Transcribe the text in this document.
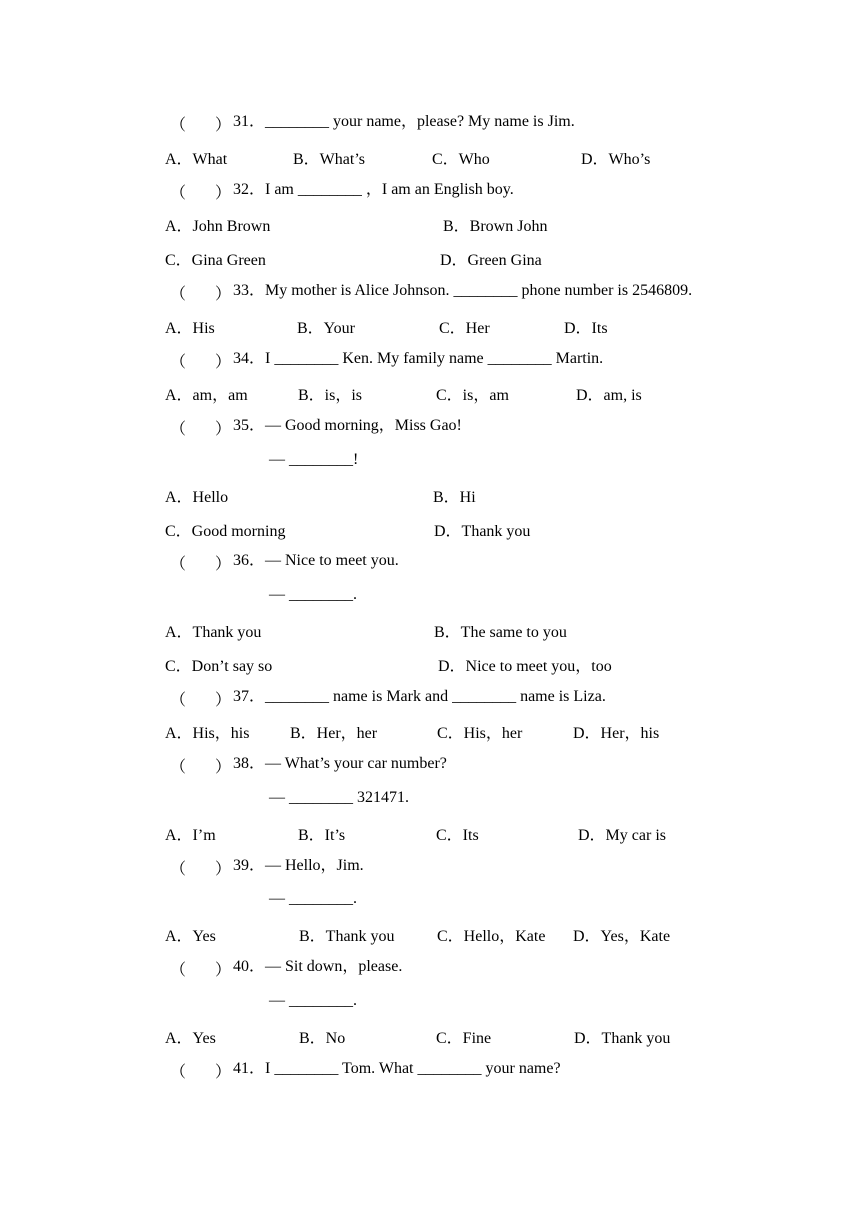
（ ） 31．________ your name，please? My name is Jim.
A．What	B．What’s	C．Who	D．Who’s
（ ） 32．I am ________ ，I am an English boy.
A．John Brown	B．Brown John
C．Gina Green	D．Green Gina
（ ） 33．My mother is Alice Johnson. ________ phone number is 2546809.
A．His	B．Your	C．Her	D．Its
（ ） 34．I ________ Ken. My family name ________ Martin.
A．am，am	B．is，is	C．is，am	D．am, is
（ ） 35．— Good morning，Miss Gao!
— ________!
A．Hello	B．Hi
C．Good morning	D．Thank you
（ ） 36．— Nice to meet you.
— ________.
A．Thank you	B．The same to you
C．Don’t say so	D．Nice to meet you，too
（ ） 37．________ name is Mark and ________ name is Liza.
A．His，his	B．Her，her	C．His，her	D．Her，his
（ ） 38．— What’s your car number?
— ________ 321471.
A．I’m	B．It’s	C．Its	D．My car is
（ ） 39．— Hello，Jim.
— ________.
A．Yes	B．Thank you	C．Hello，Kate D．Yes，Kate
（ ） 40．— Sit down，please.
— ________.
A．Yes	B．No	C．Fine	D．Thank you
（ ） 41．I ________ Tom. What ________ your name?
